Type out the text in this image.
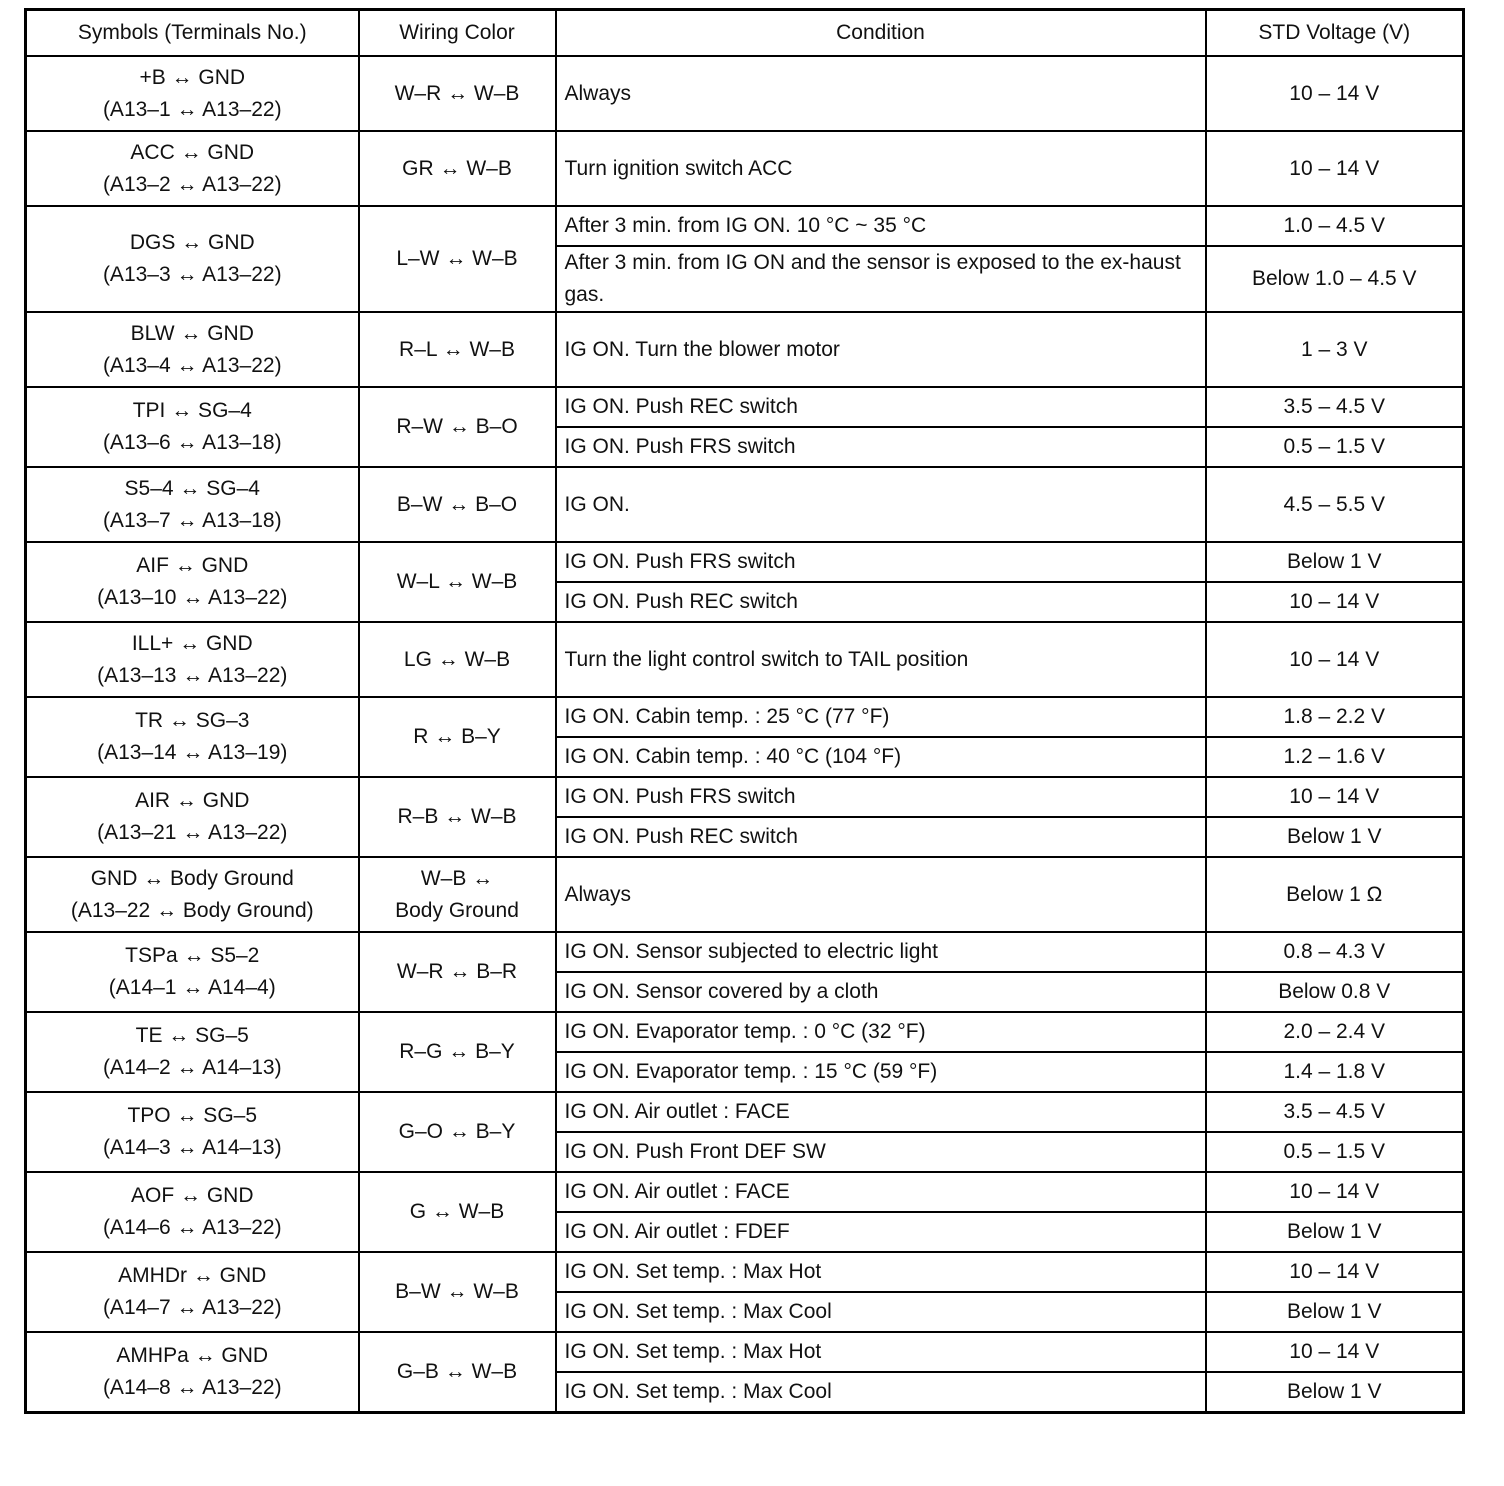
Symbols (Terminals No.)	Wiring Color	Condition	STD Voltage (V)

+B ↔ GND
(A13–1 ↔ A13–22)	W–R ↔ W–B	Always	10 – 14 V

ACC ↔ GND
(A13–2 ↔ A13–22)	GR ↔ W–B	Turn ignition switch ACC	10 – 14 V

DGS ↔ GND
(A13–3 ↔ A13–22)	L–W ↔ W–B	After 3 min. from IG ON. 10 °C ~ 35 °C	1.0 – 4.5 V
		After 3 min. from IG ON and the sensor is exposed to the ex-haust gas.	Below 1.0 – 4.5 V

BLW ↔ GND
(A13–4 ↔ A13–22)	R–L ↔ W–B	IG ON. Turn the blower motor	1 – 3 V

TPI ↔ SG–4
(A13–6 ↔ A13–18)	R–W ↔ B–O	IG ON. Push REC switch	3.5 – 4.5 V
		IG ON. Push FRS switch	0.5 – 1.5 V

S5–4 ↔ SG–4
(A13–7 ↔ A13–18)	B–W ↔ B–O	IG ON.	4.5 – 5.5 V

AIF ↔ GND
(A13–10 ↔ A13–22)	W–L ↔ W–B	IG ON. Push FRS switch	Below 1 V
		IG ON. Push REC switch	10 – 14 V

ILL+ ↔ GND
(A13–13 ↔ A13–22)	LG ↔ W–B	Turn the light control switch to TAIL position	10 – 14 V

TR ↔ SG–3
(A13–14 ↔ A13–19)	R ↔ B–Y	IG ON. Cabin temp. : 25 °C (77 °F)	1.8 – 2.2 V
		IG ON. Cabin temp. : 40 °C (104 °F)	1.2 – 1.6 V

AIR ↔ GND
(A13–21 ↔ A13–22)	R–B ↔ W–B	IG ON. Push FRS switch	10 – 14 V
		IG ON. Push REC switch	Below 1 V

GND ↔ Body Ground
(A13–22 ↔ Body Ground)	W–B ↔
Body Ground	Always	Below 1 Ω

TSPa ↔ S5–2
(A14–1 ↔ A14–4)	W–R ↔ B–R	IG ON. Sensor subjected to electric light	0.8 – 4.3 V
		IG ON. Sensor covered by a cloth	Below 0.8 V

TE ↔ SG–5
(A14–2 ↔ A14–13)	R–G ↔ B–Y	IG ON. Evaporator temp. : 0 °C (32 °F)	2.0 – 2.4 V
		IG ON. Evaporator temp. : 15 °C (59 °F)	1.4 – 1.8 V

TPO ↔ SG–5
(A14–3 ↔ A14–13)	G–O ↔ B–Y	IG ON. Air outlet : FACE	3.5 – 4.5 V
		IG ON. Push Front DEF SW	0.5 – 1.5 V

AOF ↔ GND
(A14–6 ↔ A13–22)	G ↔ W–B	IG ON. Air outlet : FACE	10 – 14 V
		IG ON. Air outlet : FDEF	Below 1 V

AMHDr ↔ GND
(A14–7 ↔ A13–22)	B–W ↔ W–B	IG ON. Set temp. : Max Hot	10 – 14 V
		IG ON. Set temp. : Max Cool	Below 1 V

AMHPa ↔ GND
(A14–8 ↔ A13–22)	G–B ↔ W–B	IG ON. Set temp. : Max Hot	10 – 14 V
		IG ON. Set temp. : Max Cool	Below 1 V
